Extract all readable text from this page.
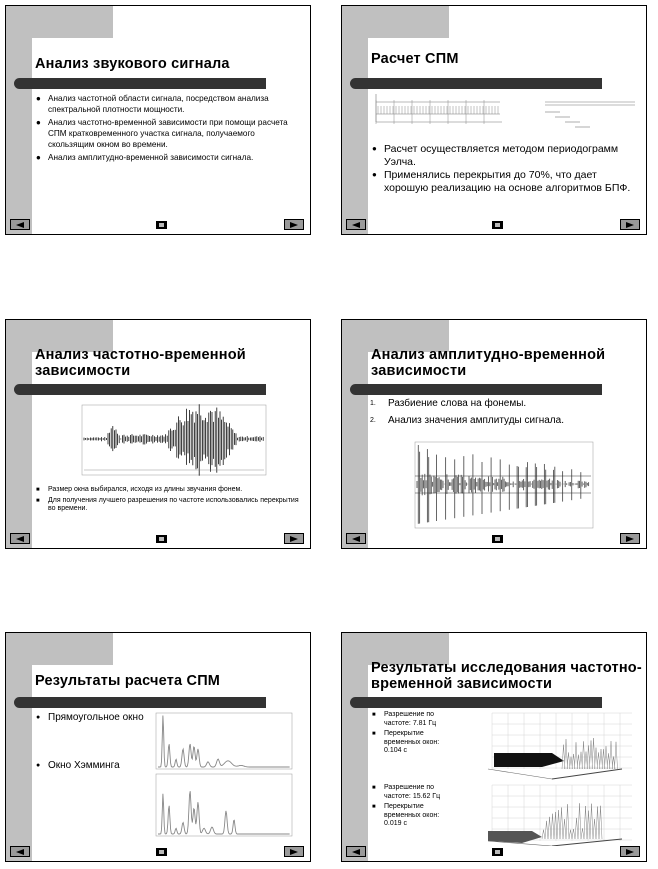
Анализ звукового сигнала
● Анализ частотной области сигнала, посредством анализа спектральной плотности мощности.
● Анализ частотно-временной зависимости при помощи расчета СПМ кратковременного участка сигнала, получаемого скользящим окном во времени.
● Анализ амплитудно-временной зависимости сигнала.
Расчет СПМ
● Расчет осуществляется методом периодограмм Уэлча.
● Применялись перекрытия до 70%, что дает хорошую реализацию на основе алгоритмов БПФ.
Анализ частотно-временной
зависимости
■ Размер окна выбирался, исходя из длины звучания фонем.
■ Для получения лучшего разрешения по частоте использовались перекрытия во времени.
Анализ амплитудно-временной
зависимости
1. Разбиение слова на фонемы.
2. Анализ значения амплитуды сигнала.
Результаты расчета СПМ
● Прямоугольное окно
● Окно Хэмминга
Результаты исследования частотно-
временной зависимости
■ Разрешение по частоте: 7.81 Гц
■ Перекрытие временных окон: 0.104 с
■ Разрешение по частоте: 15.62 Гц
■ Перекрытие временных окон: 0.019 с
